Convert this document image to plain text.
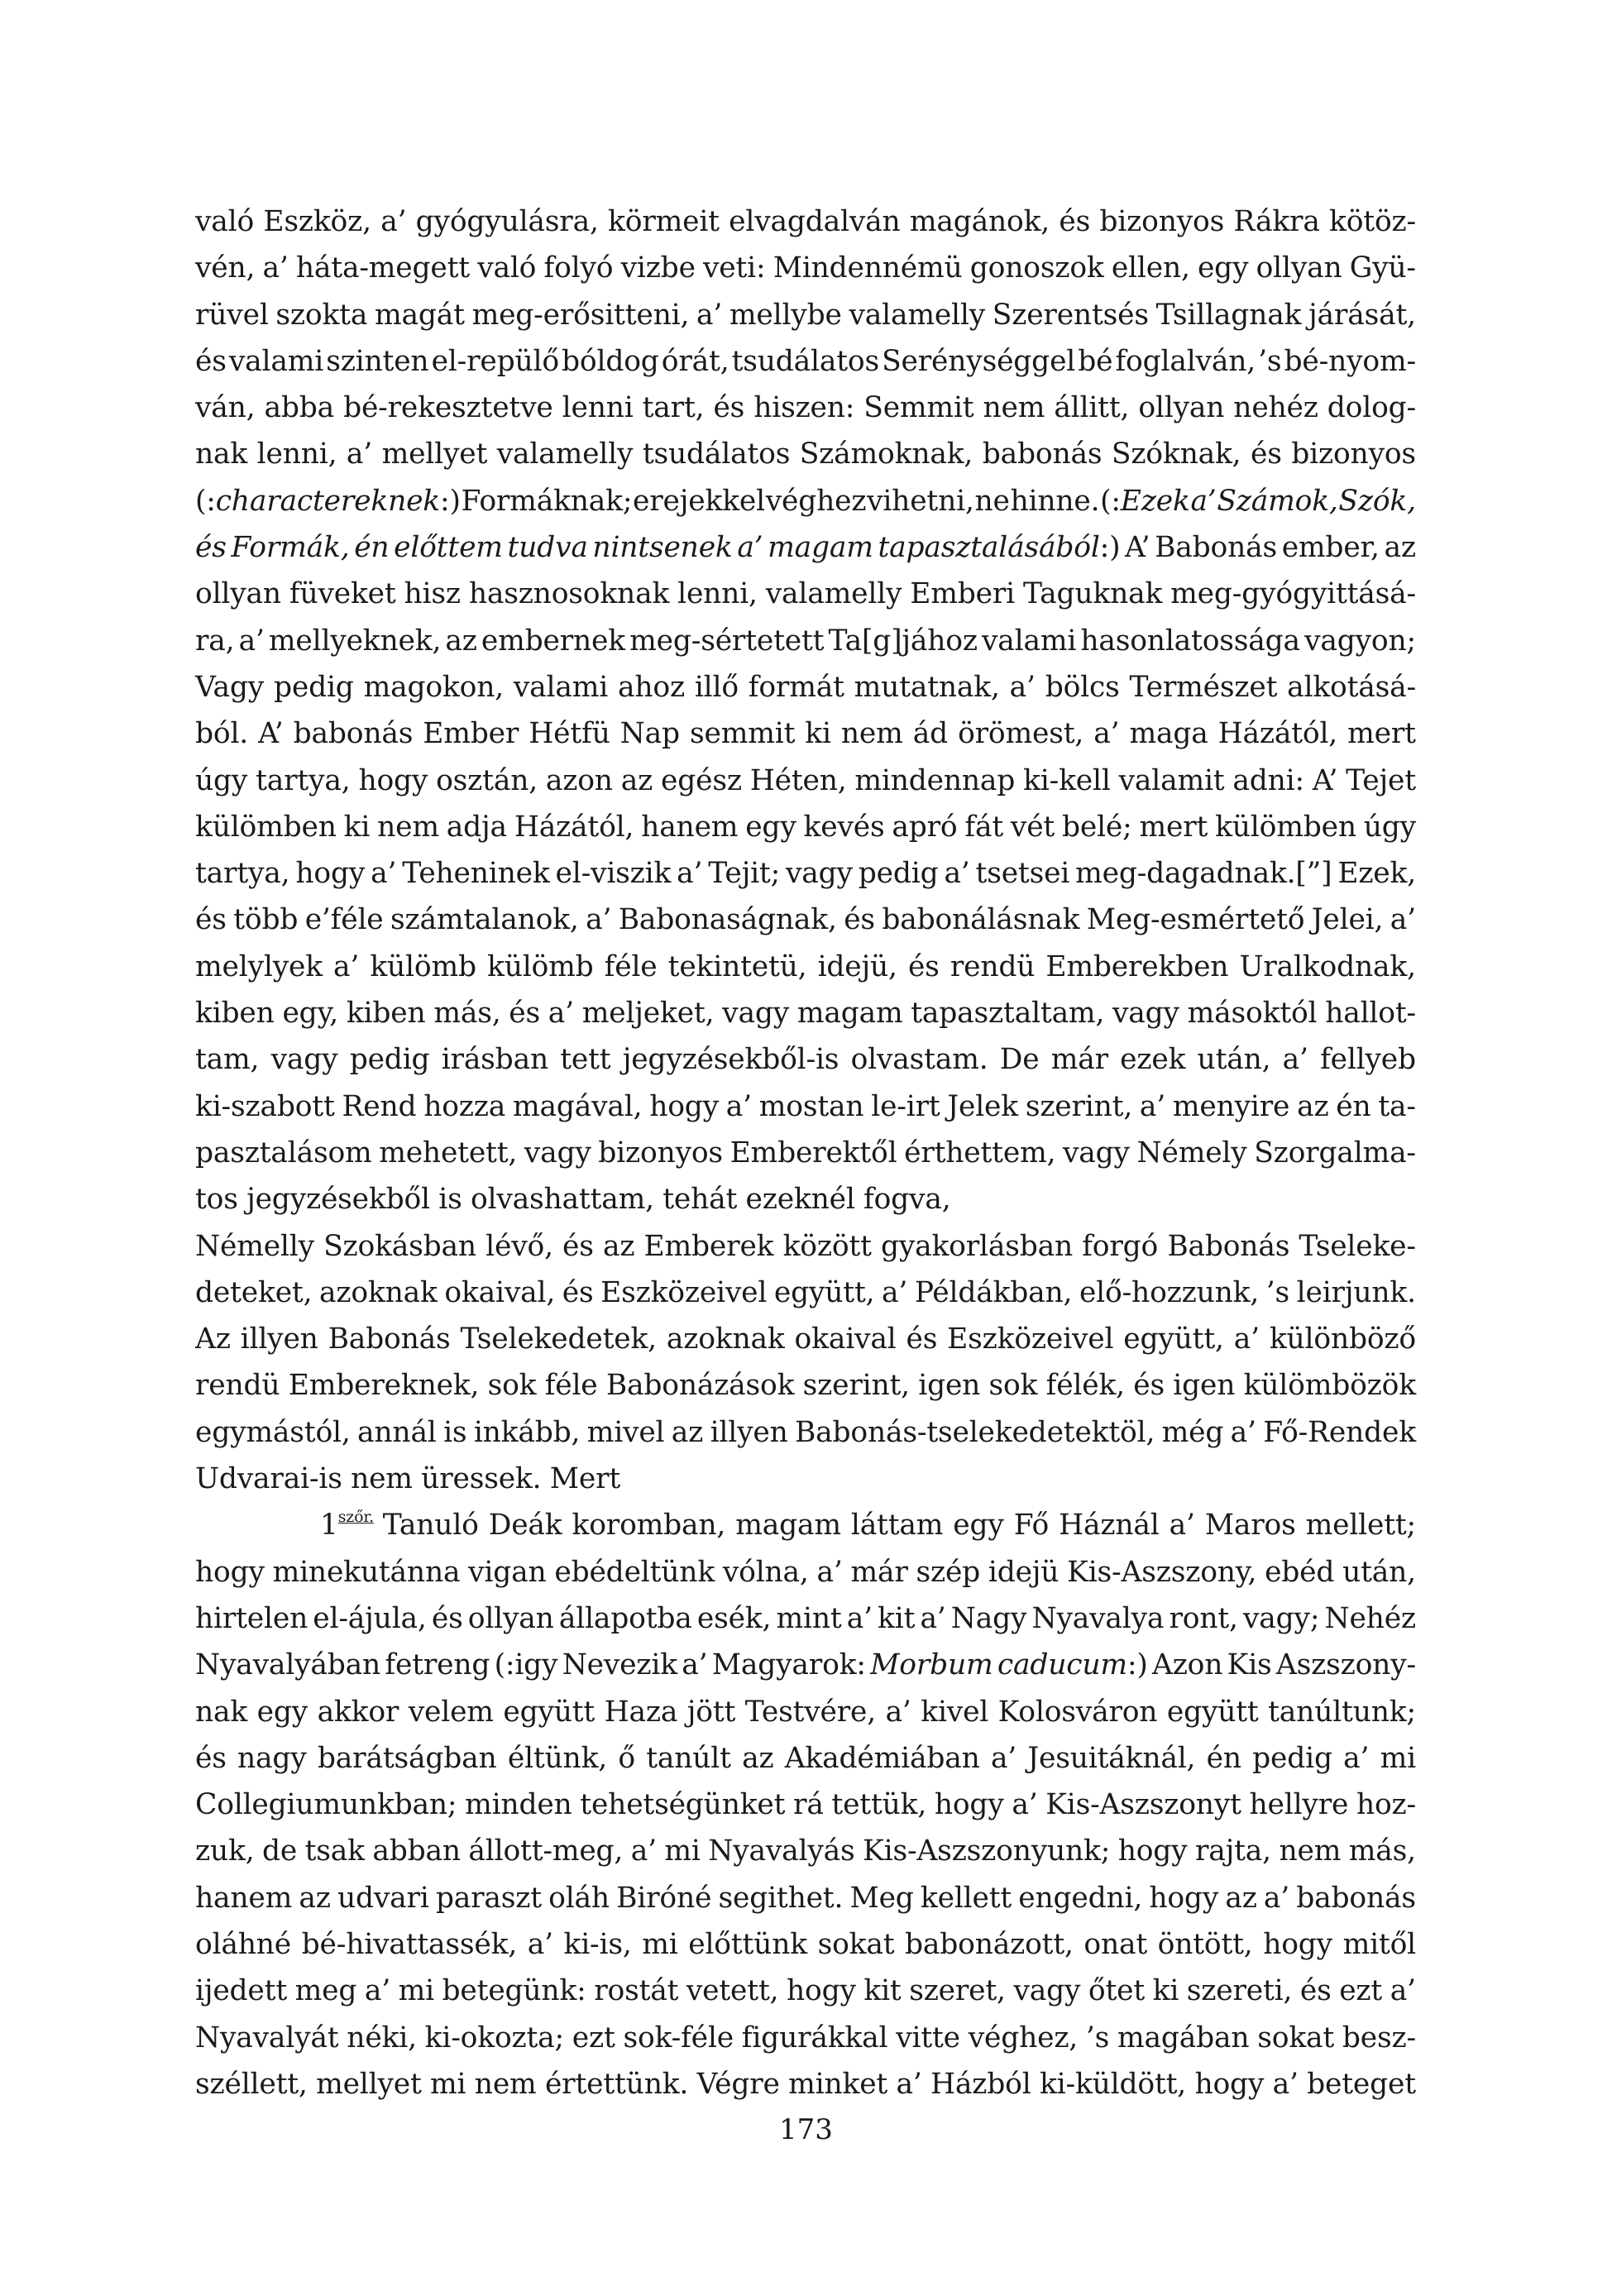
való Eszköz, a’ gyógyulásra, körmeit elvagdalván magánok, és bizonyos Rákra kötöz-
vén, a’ háta-megett való folyó vizbe veti: Mindennémü gonoszok ellen, egy ollyan Gyü-
rüvel szokta magát meg-erősitteni, a’ mellybe valamelly Szerentsés Tsillagnak járását,
és valami szinten el-repülő bóldog órát, tsudálatos Serénységgel bé foglalván, ’s bé-nyom-
ván, abba bé-rekesztetve lenni tart, és hiszen: Semmit nem állitt, ollyan nehéz dolog-
nak lenni, a’ mellyet valamelly tsudálatos Számoknak, babonás Szóknak, és bizonyos
(:charactereknek:) Formáknak; erejekkel véghez vihetni, ne hinne. (:Ezek a’ Számok, Szók,
és Formák, én előttem tudva nintsenek a’ magam tapasztalásából:) A’ Babonás ember, az
ollyan füveket hisz hasznosoknak lenni, valamelly Emberi Taguknak meg-gyógyittásá-
ra, a’ mellyeknek, az embernek meg-sértetett Ta[g]jához valami hasonlatossága vagyon;
Vagy pedig magokon, valami ahoz illő formát mutatnak, a’ bölcs Természet alkotásá-
ból. A’ babonás Ember Hétfü Nap semmit ki nem ád örömest, a’ maga Házától, mert
úgy tartya, hogy osztán, azon az egész Héten, mindennap ki-kell valamit adni: A’ Tejet
külömben ki nem adja Házától, hanem egy kevés apró fát vét belé; mert külömben úgy
tartya, hogy a’ Teheninek el-viszik a’ Tejit; vagy pedig a’ tsetsei meg-dagadnak.[”] Ezek,
és több e’féle számtalanok, a’ Babonaságnak, és babonálásnak Meg-esmértető Jelei, a’
melylyek a’ külömb külömb féle tekintetü, idejü, és rendü Emberekben Uralkodnak,
kiben egy, kiben más, és a’ meljeket, vagy magam tapasztaltam, vagy másoktól hallot-
tam, vagy pedig irásban tett jegyzésekből-is olvastam. De már ezek után, a’ fellyeb
ki-szabott Rend hozza magával, hogy a’ mostan le-irt Jelek szerint, a’ menyire az én ta-
pasztalásom mehetett, vagy bizonyos Emberektől érthettem, vagy Némely Szorgalma-
tos jegyzésekből is olvashattam, tehát ezeknél fogva,
Némelly Szokásban lévő, és az Emberek között gyakorlásban forgó Babonás Tseleke-
deteket, azoknak okaival, és Eszközeivel együtt, a’ Példákban, elő-hozzunk, ’s leirjunk.
Az illyen Babonás Tselekedetek, azoknak okaival és Eszközeivel együtt, a’ különböző
rendü Embereknek, sok féle Babonázások szerint, igen sok félék, és igen külömbözök
egymástól, annál is inkább, mivel az illyen Babonás-tselekedetektöl, még a’ Fő-Rendek
Udvarai-is nem üressek. Mert
$1^{szőr.}$ Tanuló Deák koromban, magam láttam egy Fő Háznál a’ Maros mellett;
hogy minekutánna vigan ebédeltünk vólna, a’ már szép idejü Kis-Aszszony, ebéd után,
hirtelen el-ájula, és ollyan állapotba esék, mint a’ kit a’ Nagy Nyavalya ront, vagy; Nehéz
Nyavalyában fetreng (:igy Nevezik a’ Magyarok: Morbum caducum:) Azon Kis Aszszony-
nak egy akkor velem együtt Haza jött Testvére, a’ kivel Kolosváron együtt tanúltunk;
és nagy barátságban éltünk, ő tanúlt az Akadémiában a’ Jesuitáknál, én pedig a’ mi
Collegiumunkban; minden tehetségünket rá tettük, hogy a’ Kis-Aszszonyt hellyre hoz-
zuk, de tsak abban állott-meg, a’ mi Nyavalyás Kis-Aszszonyunk; hogy rajta, nem más,
hanem az udvari paraszt oláh Biróné segithet. Meg kellett engedni, hogy az a’ babonás
oláhné bé-hivattassék, a’ ki-is, mi előttünk sokat babonázott, onat öntött, hogy mitől
ijedett meg a’ mi betegünk: rostát vetett, hogy kit szeret, vagy őtet ki szereti, és ezt a’
Nyavalyát néki, ki-okozta; ezt sok-féle figurákkal vitte véghez, ’s magában sokat besz-
széllett, mellyet mi nem értettünk. Végre minket a’ Házból ki-küldött, hogy a’ beteget
173
